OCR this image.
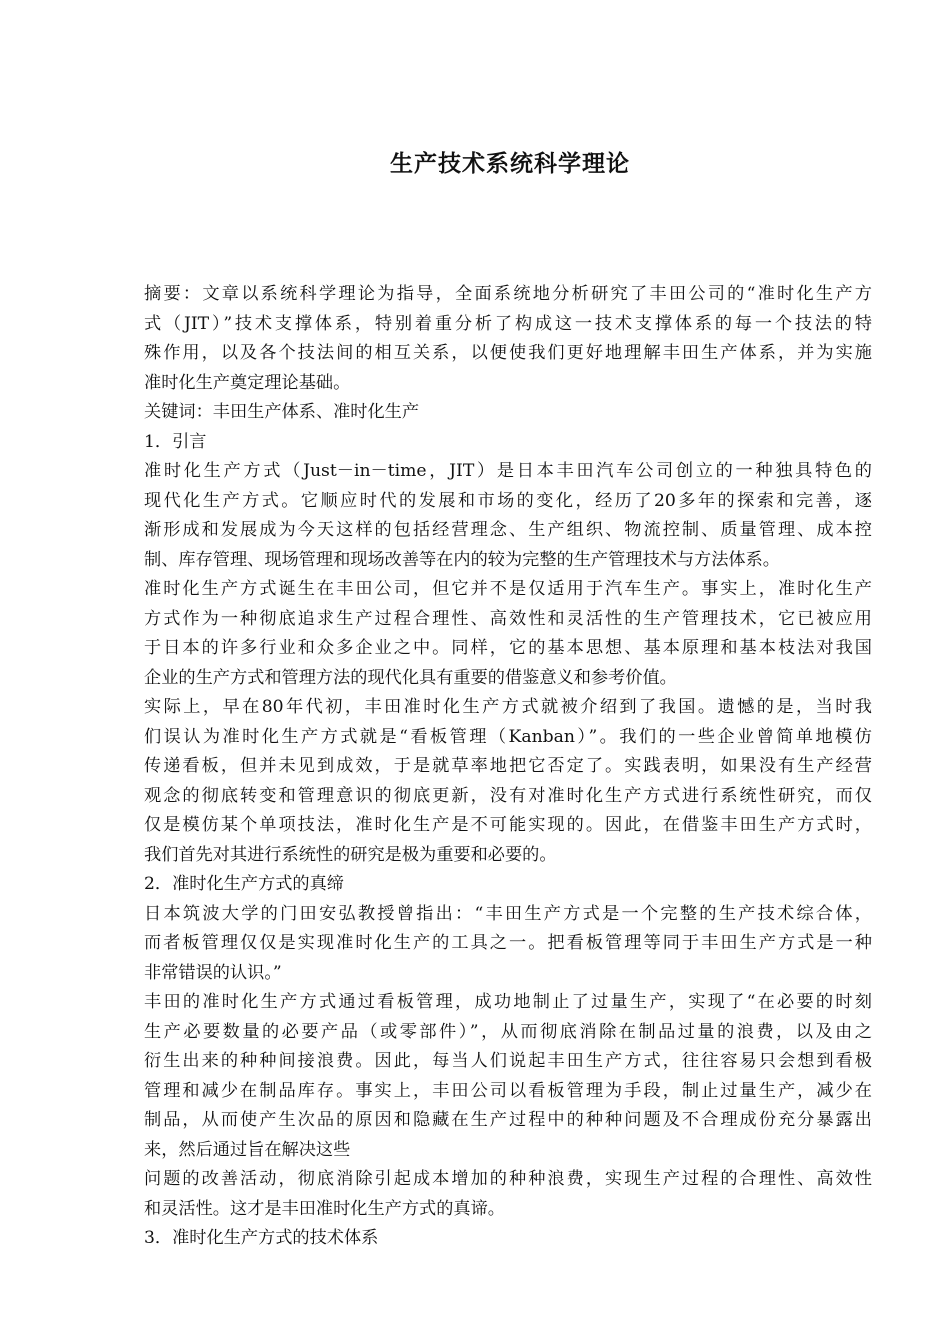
生产技术系统科学理论
摘要：文章以系统科学理论为指导，全面系统地分析研究了丰田公司的“准时化生产方
式（JIT）”技术支撑体系，特别着重分析了构成这一技术支撑体系的每一个技法的特
殊作用，以及各个技法间的相互关系，以便使我们更好地理解丰田生产体系，并为实施
准时化生产奠定理论基础。
关键词：丰田生产体系、准时化生产
1．引言
准时化生产方式（Just－in－time，JIT）是日本丰田汽车公司创立的一种独具特色的
现代化生产方式。它顺应时代的发展和市场的变化，经历了20多年的探索和完善，逐
渐形成和发展成为今天这样的包括经营理念、生产组织、物流控制、质量管理、成本控
制、库存管理、现场管理和现场改善等在内的较为完整的生产管理技术与方法体系。
准时化生产方式诞生在丰田公司，但它并不是仅适用于汽车生产。事实上，准时化生产
方式作为一种彻底追求生产过程合理性、高效性和灵活性的生产管理技术，它已被应用
于日本的许多行业和众多企业之中。同样，它的基本思想、基本原理和基本枝法对我国
企业的生产方式和管理方法的现代化具有重要的借鉴意义和参考价值。
实际上，早在80年代初，丰田准时化生产方式就被介绍到了我国。遗憾的是，当时我
们误认为准时化生产方式就是“看板管理（Kanban）”。我们的一些企业曾简单地模仿
传递看板，但并未见到成效，于是就草率地把它否定了。实践表明，如果没有生产经营
观念的彻底转变和管理意识的彻底更新，没有对准时化生产方式进行系统性研究，而仅
仅是模仿某个单项技法，准时化生产是不可能实现的。因此，在借鉴丰田生产方式时，
我们首先对其进行系统性的研究是极为重要和必要的。
2．准时化生产方式的真缔
日本筑波大学的门田安弘教授曾指出：“丰田生产方式是一个完整的生产技术综合体，
而者板管理仅仅是实现准时化生产的工具之一。把看板管理等同于丰田生产方式是一种
非常错误的认识。”
丰田的准时化生产方式通过看板管理，成功地制止了过量生产，实现了“在必要的时刻
生产必要数量的必要产品（或零部件）”，从而彻底消除在制品过量的浪费，以及由之
衍生出来的种种间接浪费。因此，每当人们说起丰田生产方式，往往容易只会想到看极
管理和减少在制品库存。事实上，丰田公司以看板管理为手段，制止过量生产，减少在
制品，从而使产生次品的原因和隐藏在生产过程中的种种问题及不合理成份充分暴露出
来，然后通过旨在解决这些
问题的改善活动，彻底消除引起成本增加的种种浪费，实现生产过程的合理性、高效性
和灵活性。这才是丰田准时化生产方式的真谛。
3．准时化生产方式的技术体系
